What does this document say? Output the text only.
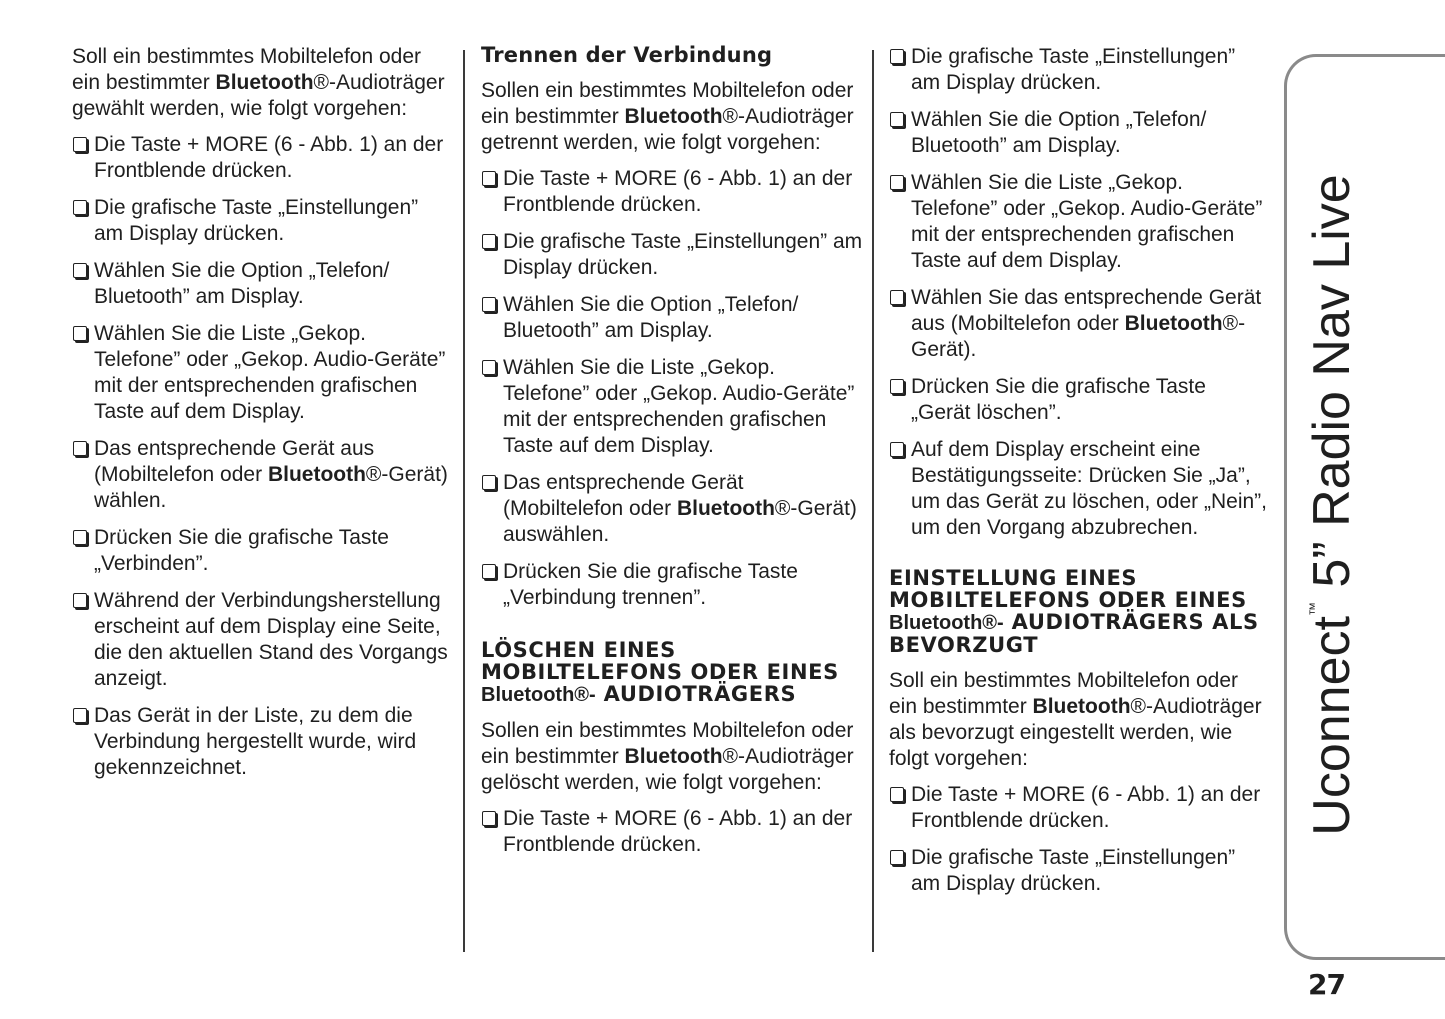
Soll ein bestimmtes Mobiltelefon oder ein bestimmter Bluetooth®-Audioträger gewählt werden, wie folgt vorgehen:

Die Taste + MORE (6 - Abb. 1) an der Frontblende drücken.
Die grafische Taste „Einstellungen” am Display drücken.
Wählen Sie die Option „Telefon/ Bluetooth” am Display.
Wählen Sie die Liste „Gekop. Telefone” oder „Gekop. Audio-Geräte” mit der entsprechenden grafischen Taste auf dem Display.
Das entsprechende Gerät aus (Mobiltelefon oder Bluetooth®-Gerät) wählen.
Drücken Sie die grafische Taste „Verbinden”.
Während der Verbindungsherstellung erscheint auf dem Display eine Seite, die den aktuellen Stand des Vorgangs anzeigt.
Das Gerät in der Liste, zu dem die Verbindung hergestellt wurde, wird gekennzeichnet.
Trennen der Verbindung

Sollen ein bestimmtes Mobiltelefon oder ein bestimmter Bluetooth®-Audioträger getrennt werden, wie folgt vorgehen:

Die Taste + MORE (6 - Abb. 1) an der Frontblende drücken.
Die grafische Taste „Einstellungen” am Display drücken.
Wählen Sie die Option „Telefon/ Bluetooth” am Display.
Wählen Sie die Liste „Gekop. Telefone” oder „Gekop. Audio-Geräte” mit der entsprechenden grafischen Taste auf dem Display.
Das entsprechende Gerät (Mobiltelefon oder Bluetooth®-Gerät) auswählen.
Drücken Sie die grafische Taste „Verbindung trennen”.
LÖSCHEN EINES MOBILTELEFONS ODER EINES Bluetooth®- AUDIOTRÄGERS

Sollen ein bestimmtes Mobiltelefon oder ein bestimmter Bluetooth®-Audioträger gelöscht werden, wie folgt vorgehen:

Die Taste + MORE (6 - Abb. 1) an der Frontblende drücken.
Die grafische Taste „Einstellungen” am Display drücken.
Wählen Sie die Option „Telefon/ Bluetooth” am Display.
Wählen Sie die Liste „Gekop. Telefone” oder „Gekop. Audio-Geräte” mit der entsprechenden grafischen Taste auf dem Display.
Wählen Sie das entsprechende Gerät aus (Mobiltelefon oder Bluetooth®-Gerät).
Drücken Sie die grafische Taste „Gerät löschen”.
Auf dem Display erscheint eine Bestätigungsseite: Drücken Sie „Ja”, um das Gerät zu löschen, oder „Nein”, um den Vorgang abzubrechen.
EINSTELLUNG EINES MOBILTELEFONS ODER EINES Bluetooth®- AUDIOTRÄGERS ALS BEVORZUGT

Soll ein bestimmtes Mobiltelefon oder ein bestimmter Bluetooth®-Audioträger als bevorzugt eingestellt werden, wie folgt vorgehen:

Die Taste + MORE (6 - Abb. 1) an der Frontblende drücken.
Die grafische Taste „Einstellungen” am Display drücken.
Uconnect™ 5” Radio Nav Live
27
